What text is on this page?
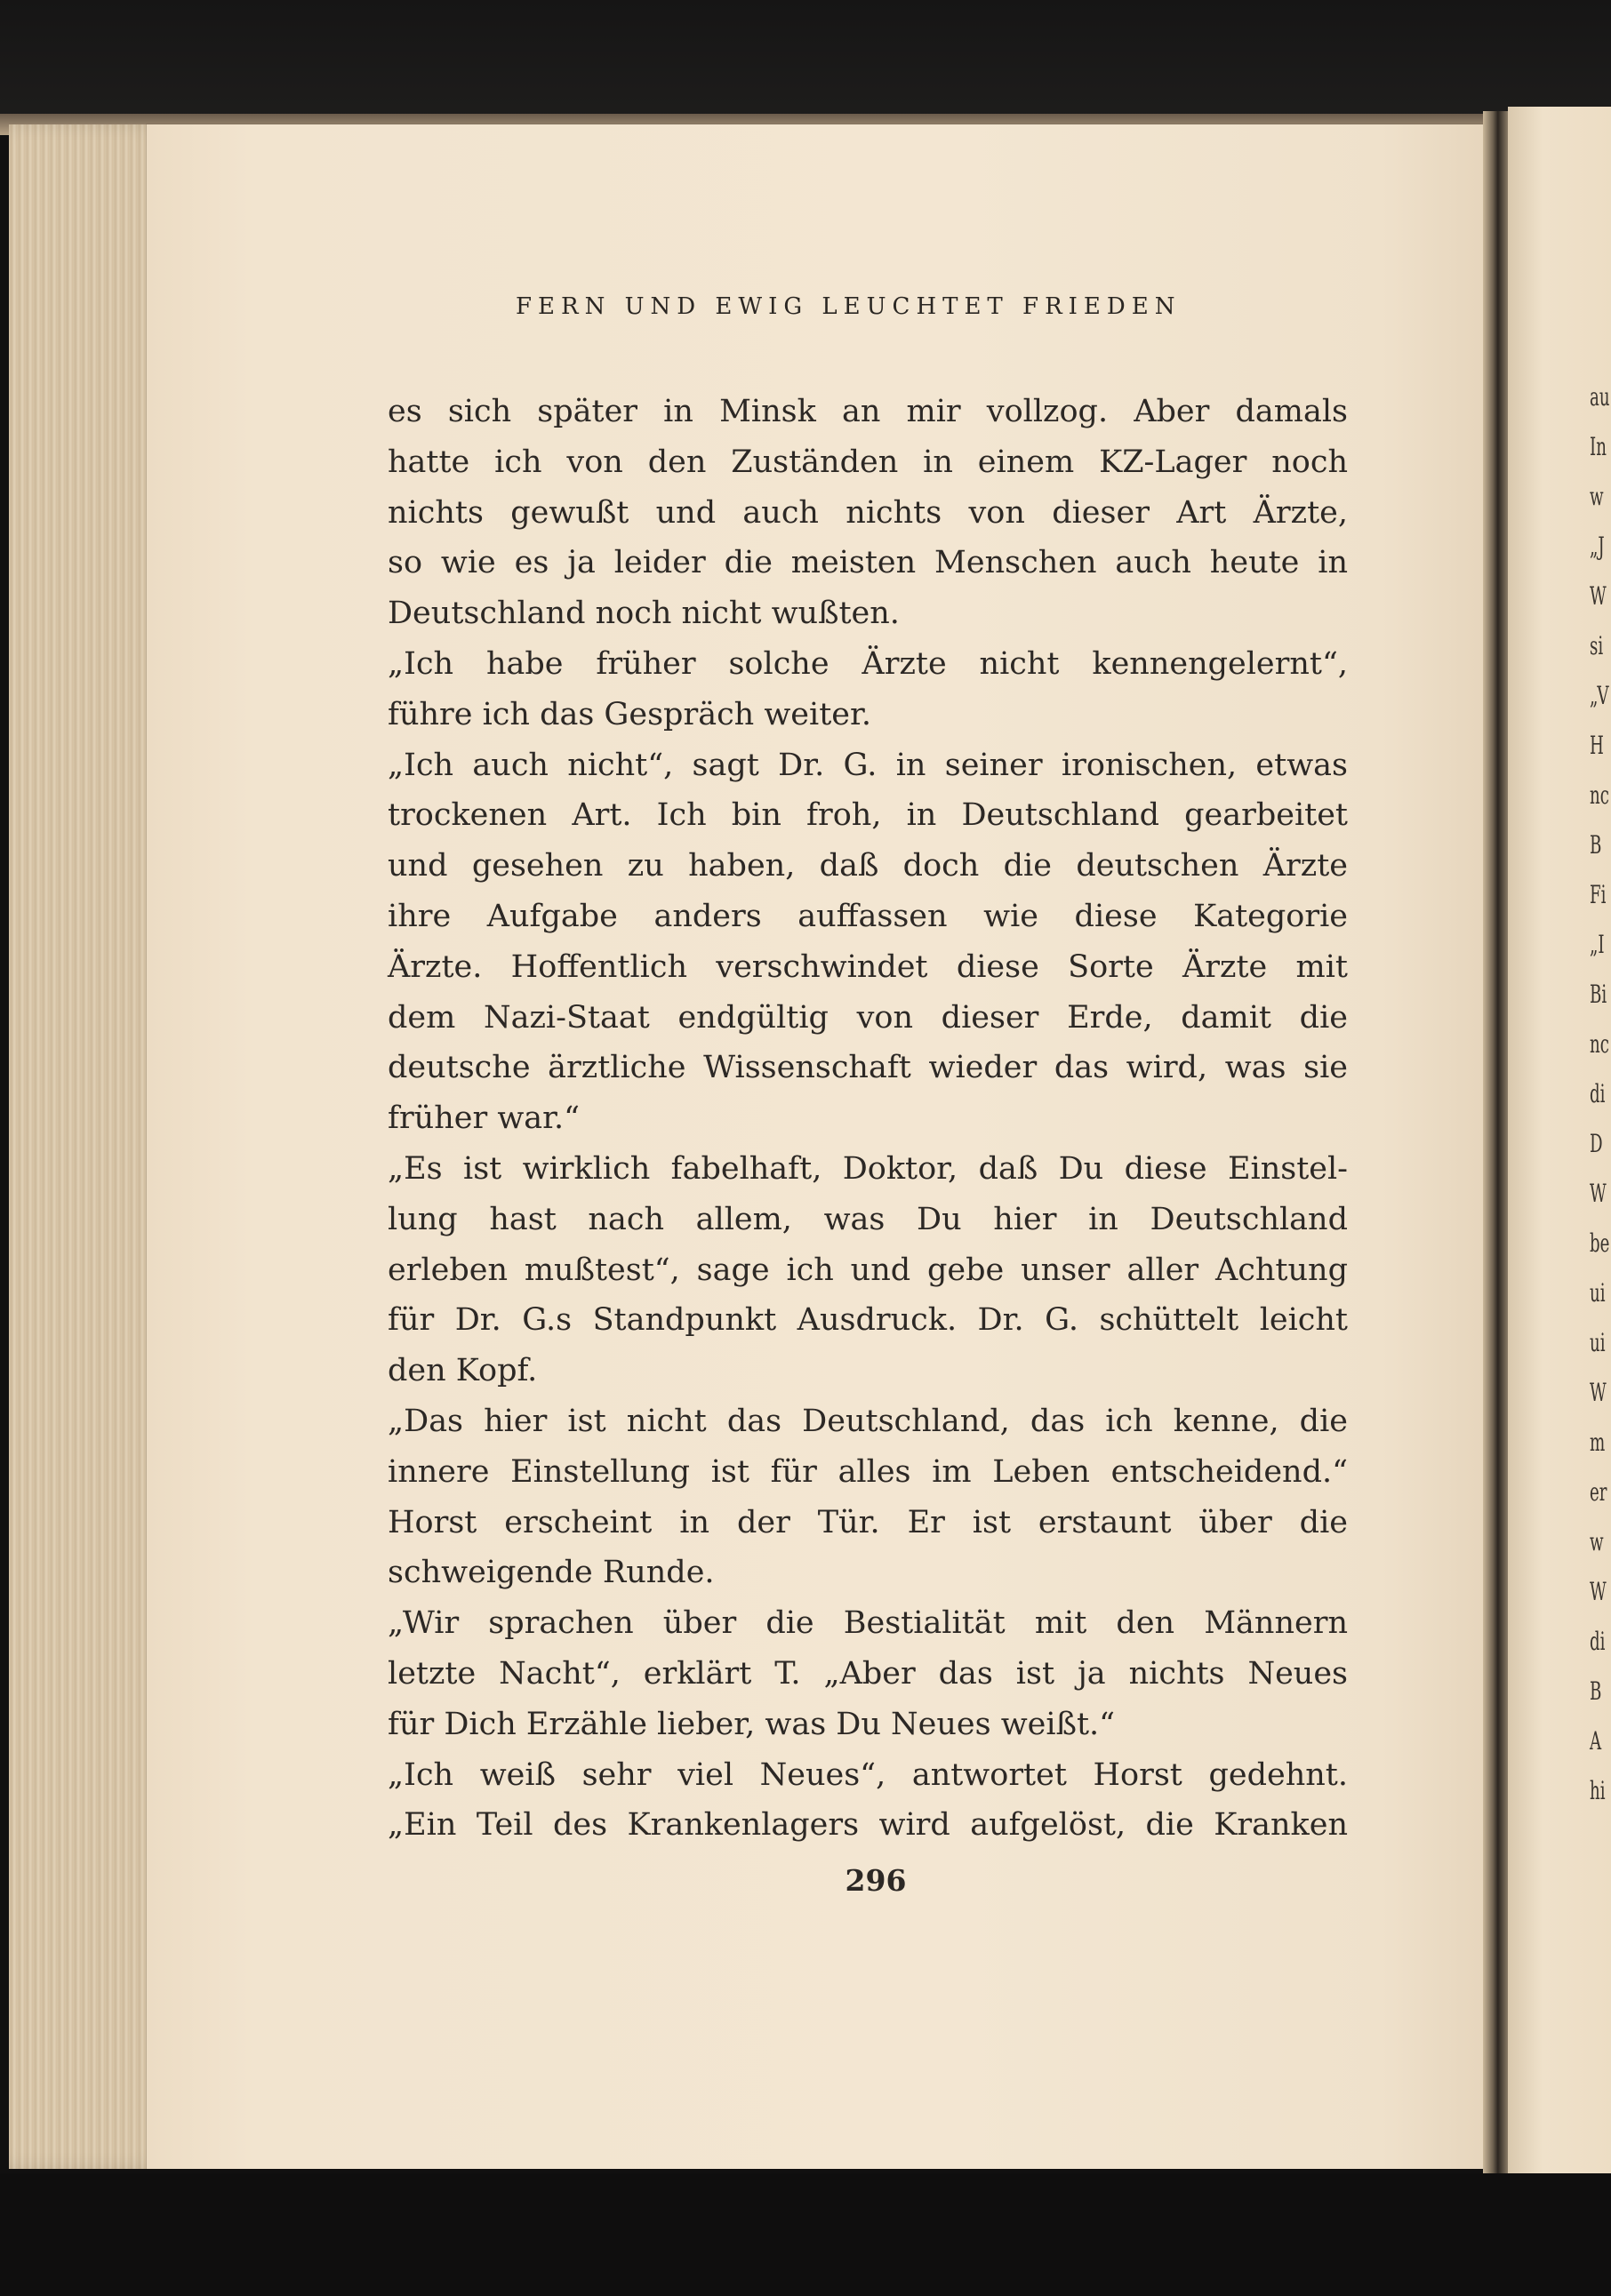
FERN UND EWIG LEUCHTET FRIEDEN
es sich später in Minsk an mir vollzog. Aber damals
hatte ich von den Zuständen in einem KZ-Lager noch
nichts gewußt und auch nichts von dieser Art Ärzte,
so wie es ja leider die meisten Menschen auch heute in
Deutschland noch nicht wußten.
„Ich habe früher solche Ärzte nicht kennengelernt“,
führe ich das Gespräch weiter.
„Ich auch nicht“, sagt Dr. G. in seiner ironischen, etwas
trockenen Art. Ich bin froh, in Deutschland gearbeitet
und gesehen zu haben, daß doch die deutschen Ärzte
ihre Aufgabe anders auffassen wie diese Kategorie
Ärzte. Hoffentlich verschwindet diese Sorte Ärzte mit
dem Nazi-Staat endgültig von dieser Erde, damit die
deutsche ärztliche Wissenschaft wieder das wird, was sie
früher war.“
„Es ist wirklich fabelhaft, Doktor, daß Du diese Einstel-
lung hast nach allem, was Du hier in Deutschland
erleben mußtest“, sage ich und gebe unser aller Achtung
für Dr. G.s Standpunkt Ausdruck. Dr. G. schüttelt leicht
den Kopf.
„Das hier ist nicht das Deutschland, das ich kenne, die
innere Einstellung ist für alles im Leben entscheidend.“
Horst erscheint in der Tür. Er ist erstaunt über die
schweigende Runde.
„Wir sprachen über die Bestialität mit den Männern
letzte Nacht“, erklärt T. „Aber das ist ja nichts Neues
für Dich Erzähle lieber, was Du Neues weißt.“
„Ich weiß sehr viel Neues“, antwortet Horst gedehnt.
„Ein Teil des Krankenlagers wird aufgelöst, die Kranken
296
au
In
w
„J
W
si
„V
H
nc
B
Fi
„I
Bi
nc
di
D
W
be
ui
ui
W
m
er
w
W
di
B
A
hi
